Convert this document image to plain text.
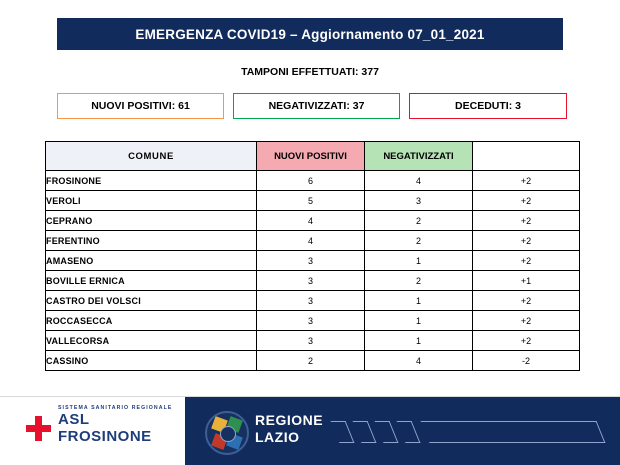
EMERGENZA COVID19 – Aggiornamento 07_01_2021
TAMPONI EFFETTUATI: 377
NUOVI POSITIVI: 61	NEGATIVIZZATI: 37	DECEDUTI: 3
COMUNE	NUOVI POSITIVI	NEGATIVIZZATI	
FROSINONE	6	4	+2
VEROLI	5	3	+2
CEPRANO	4	2	+2
FERENTINO	4	2	+2
AMASENO	3	1	+2
BOVILLE ERNICA	3	2	+1
CASTRO DEI VOLSCI	3	1	+2
ROCCASECCA	3	1	+2
VALLECORSA	3	1	+2
CASSINO	2	4	-2
SISTEMA SANITARIO REGIONALE
ASL
FROSINONE
REGIONE
LAZIO
